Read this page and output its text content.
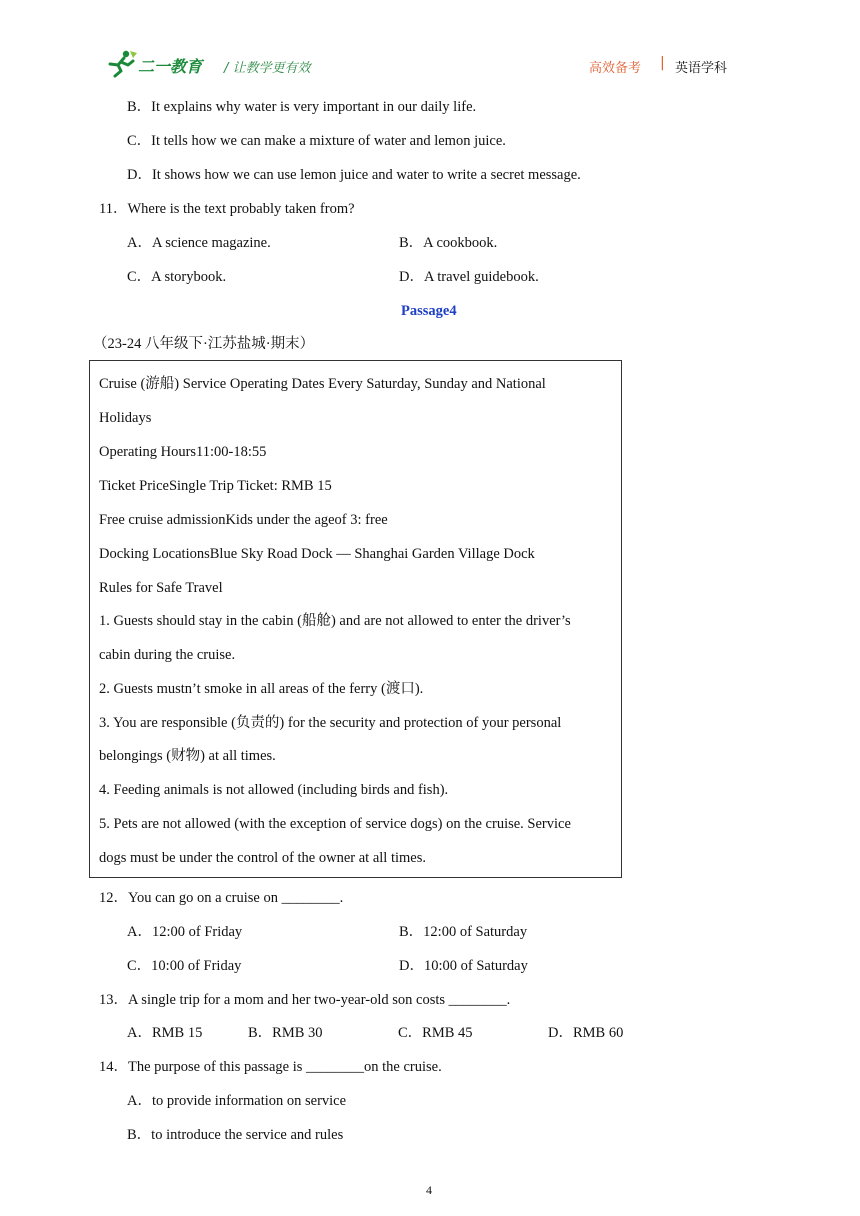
二一教育 / 让教学更有效	高效备考 | 英语学科
B．It explains why water is very important in our daily life.
C．It tells how we can make a mixture of water and lemon juice.
D．It shows how we can use lemon juice and water to write a secret message.
11．Where is the text probably taken from?
A．A science magazine.	B．A cookbook.
C．A storybook.	D．A travel guidebook.
Passage4
（23-24 八年级下·江苏盐城·期末）
Cruise (游船) Service Operating Dates Every Saturday, Sunday and National
Holidays
Operating Hours11:00-18:55
Ticket PriceSingle Trip Ticket: RMB 15
Free cruise admissionKids under the ageof 3: free
Docking LocationsBlue Sky Road Dock — Shanghai Garden Village Dock
Rules for Safe Travel
1. Guests should stay in the cabin (船舱) and are not allowed to enter the driver’s
cabin during the cruise.
2. Guests mustn’t smoke in all areas of the ferry (渡口).
3. You are responsible (负责的) for the security and protection of your personal
belongings (财物) at all times.
4. Feeding animals is not allowed (including birds and fish).
5. Pets are not allowed (with the exception of service dogs) on the cruise. Service
dogs must be under the control of the owner at all times.
12．You can go on a cruise on ________.
A．12:00 of Friday	B．12:00 of Saturday
C．10:00 of Friday	D．10:00 of Saturday
13．A single trip for a mom and her two-year-old son costs ________.
A．RMB 15	B．RMB 30	C．RMB 45	D．RMB 60
14．The purpose of this passage is ________on the cruise.
A．to provide information on service
B．to introduce the service and rules
4
